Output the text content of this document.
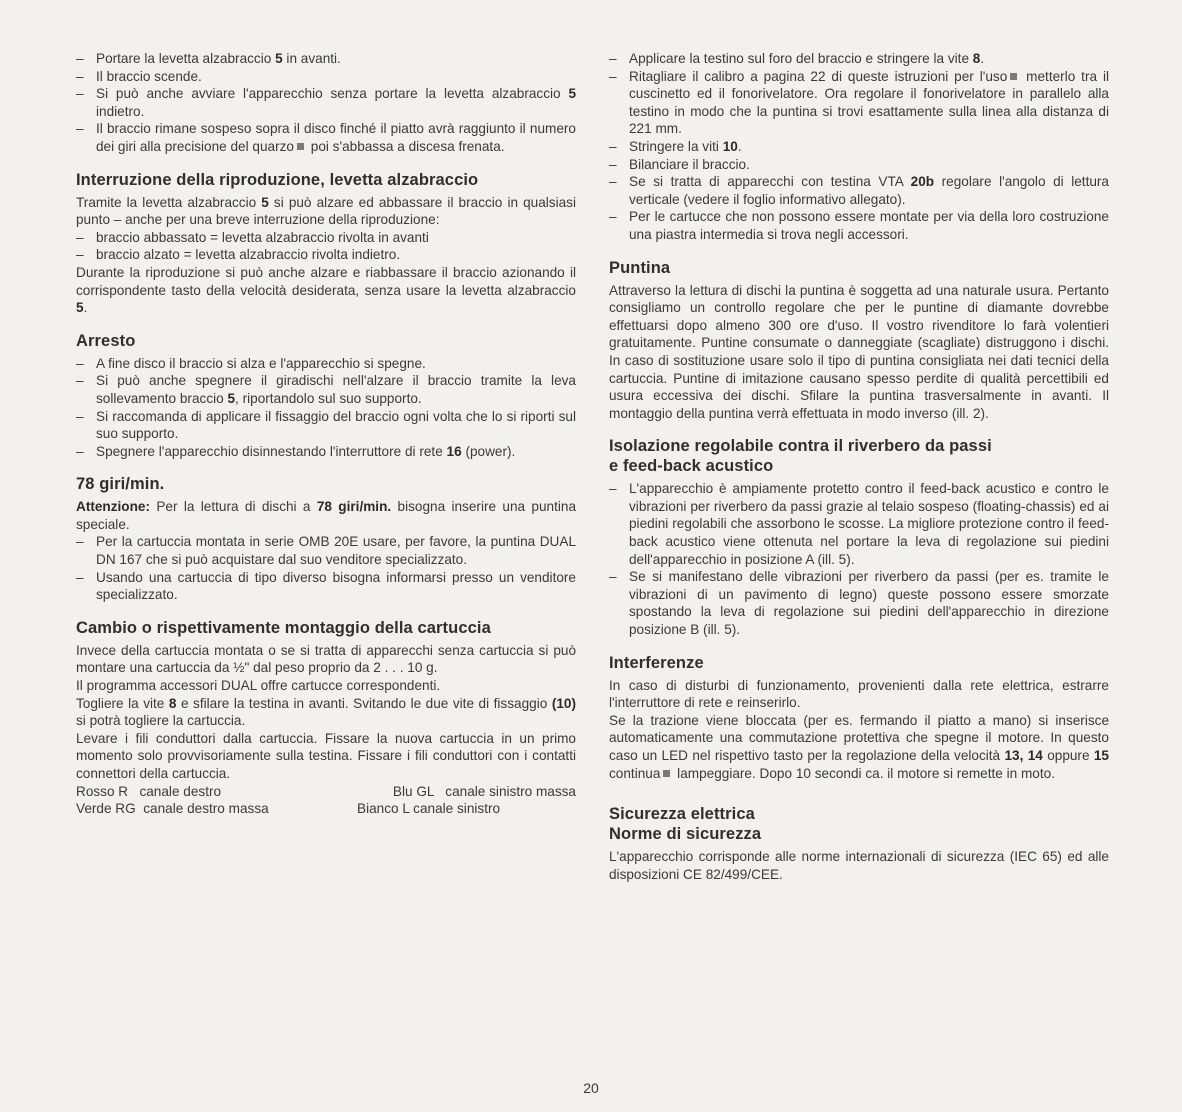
– Portare la levetta alzabraccio 5 in avanti.
– Il braccio scende.
– Si può anche avviare l'apparecchio senza portare la levetta alzabraccio 5 indietro.
– Il braccio rimane sospeso sopra il disco finché il piatto avrà raggiunto il numero dei giri alla precisione del quarzo poi s'abbassa a discesa frenata.
Interruzione della riproduzione, levetta alzabraccio

Tramite la levetta alzabraccio 5 si può alzare ed abbassare il braccio in qualsiasi punto – anche per una breve interruzione della riproduzione:

– braccio abbassato = levetta alzabraccio rivolta in avanti
– braccio alzato = levetta alzabraccio rivolta indietro.

Durante la riproduzione si può anche alzare e riabbassare il braccio azionando il corrispondente tasto della velocità desiderata, senza usare la levetta alzabraccio 5.

Arresto
– A fine disco il braccio si alza e l'apparecchio si spegne.
– Si può anche spegnere il giradischi nell'alzare il braccio tramite la leva sollevamento braccio 5, riportandolo sul suo supporto.
– Si raccomanda di applicare il fissaggio del braccio ogni volta che lo si riporti sul suo supporto.
– Spegnere l'apparecchio disinnestando l'interruttore di rete 16 (power).
78 giri/min.

Attenzione: Per la lettura di dischi a 78 giri/min. bisogna inserire una puntina speciale.

– Per la cartuccia montata in serie OMB 20E usare, per favore, la puntina DUAL DN 167 che si può acquistare dal suo venditore specializzato.
– Usando una cartuccia di tipo diverso bisogna informarsi presso un venditore specializzato.
Cambio o rispettivamente montaggio della cartuccia

Invece della cartuccia montata o se si tratta di apparecchi senza cartuccia si può montare una cartuccia da ½" dal peso proprio da 2 . . . 10 g.

Il programma accessori DUAL offre cartucce correspondenti.

Togliere la vite 8 e sfilare la testina in avanti. Svitando le due vite di fissaggio (10) si potrà togliere la cartuccia.

Levare i fili conduttori dalla cartuccia. Fissare la nuova cartuccia in un primo momento solo provvisoriamente sulla testina. Fissare i fili conduttori con i contatti connettori della cartuccia.

Rosso R   canale destro	Blu GL   canale sinistro massa
Verde RG  canale destro massa	Bianco L canale sinistro
– Applicare la testino sul foro del braccio e stringere la vite 8.
– Ritagliare il calibro a pagina 22 di queste istruzioni per l'uso metterlo tra il cuscinetto ed il fonorivelatore. Ora regolare il fonorivelatore in parallelo alla testino in modo che la puntina si trovi esattamente sulla linea alla distanza di 221 mm.
– Stringere la viti 10.
– Bilanciare il braccio.
– Se si tratta di apparecchi con testina VTA 20b regolare l'angolo di lettura verticale (vedere il foglio informativo allegato).
– Per le cartucce che non possono essere montate per via della loro costruzione una piastra intermedia si trova negli accessori.
Puntina

Attraverso la lettura di dischi la puntina è soggetta ad una naturale usura. Pertanto consigliamo un controllo regolare che per le puntine di diamante dovrebbe effettuarsi dopo almeno 300 ore d'uso. Il vostro rivenditore lo farà volentieri gratuitamente. Puntine consumate o danneggiate (scagliate) distruggono i dischi. In caso di sostituzione usare solo il tipo di puntina consigliata nei dati tecnici della cartuccia. Puntine di imitazione causano spesso perdite di qualità percettibili ed usura eccessiva dei dischi. Sfilare la puntina trasversalmente in avanti. Il montaggio della puntina verrà effettuata in modo inverso (ill. 2).

Isolazione regolabile contra il riverbero da passi
e feed-back acustico
– L'apparecchio è ampiamente protetto contro il feed-back acustico e contro le vibrazioni per riverbero da passi grazie al telaio sospeso (floating-chassis) ed ai piedini regolabili che assorbono le scosse. La migliore protezione contro il feed-back acustico viene ottenuta nel portare la leva di regolazione sui piedini dell'apparecchio in posizione A (ill. 5).
– Se si manifestano delle vibrazioni per riverbero da passi (per es. tramite le vibrazioni di un pavimento di legno) queste possono essere smorzate spostando la leva di regolazione sui piedini dell'apparecchio in direzione posizione B (ill. 5).
Interferenze

In caso di disturbi di funzionamento, provenienti dalla rete elettrica, estrarre l'interruttore di rete e reinserirlo.

Se la trazione viene bloccata (per es. fermando il piatto a mano) si inserisce automaticamente una commutazione protettiva che spegne il motore. In questo caso un LED nel rispettivo tasto per la regolazione della velocità 13, 14 oppure 15 continua lampeggiare. Dopo 10 secondi ca. il motore si remette in moto.

Sicurezza elettrica
Norme di sicurezza

L'apparecchio corrisponde alle norme internazionali di sicurezza (IEC 65) ed alle disposizioni CE 82/499/CEE.

20
